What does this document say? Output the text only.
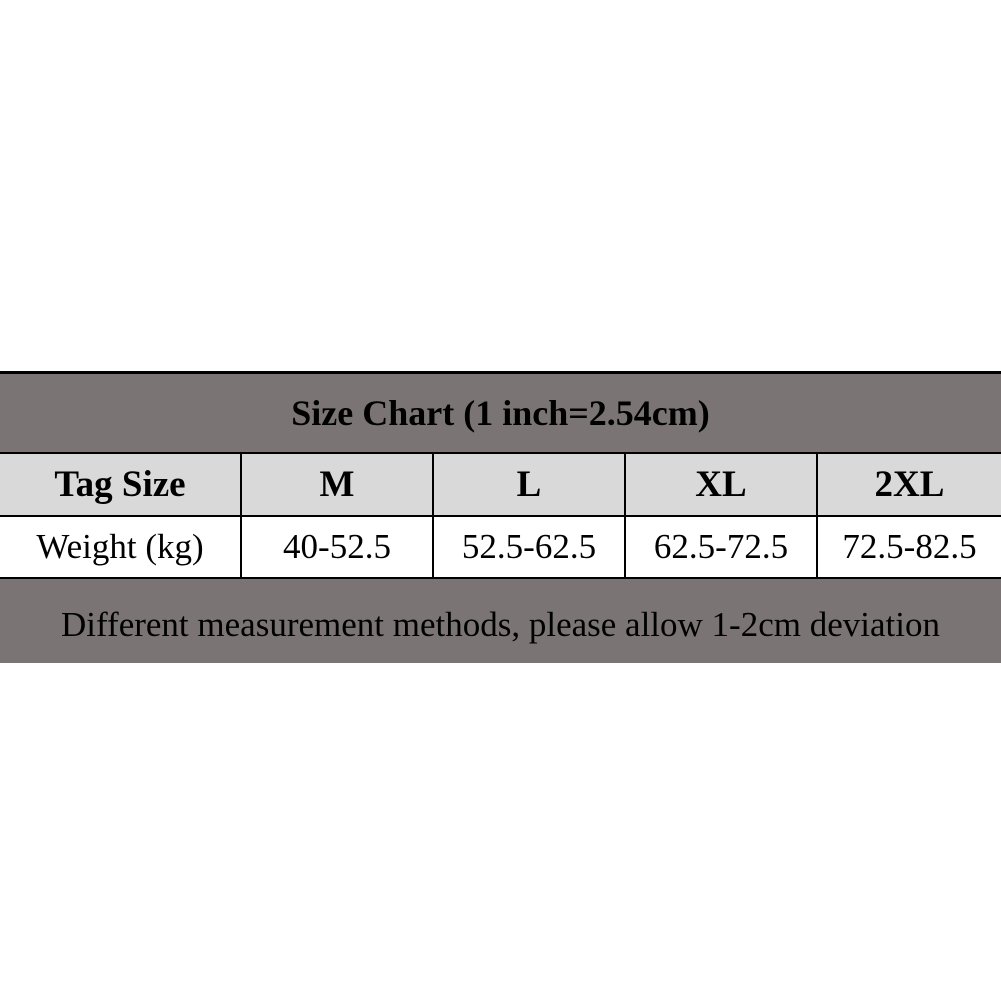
Size Chart (1 inch=2.54cm)				
Tag Size	M	L	XL	2XL
Weight (kg)	40-52.5	52.5-62.5	62.5-72.5	72.5-82.5

Different measurement methods, please allow 1-2cm deviation				
